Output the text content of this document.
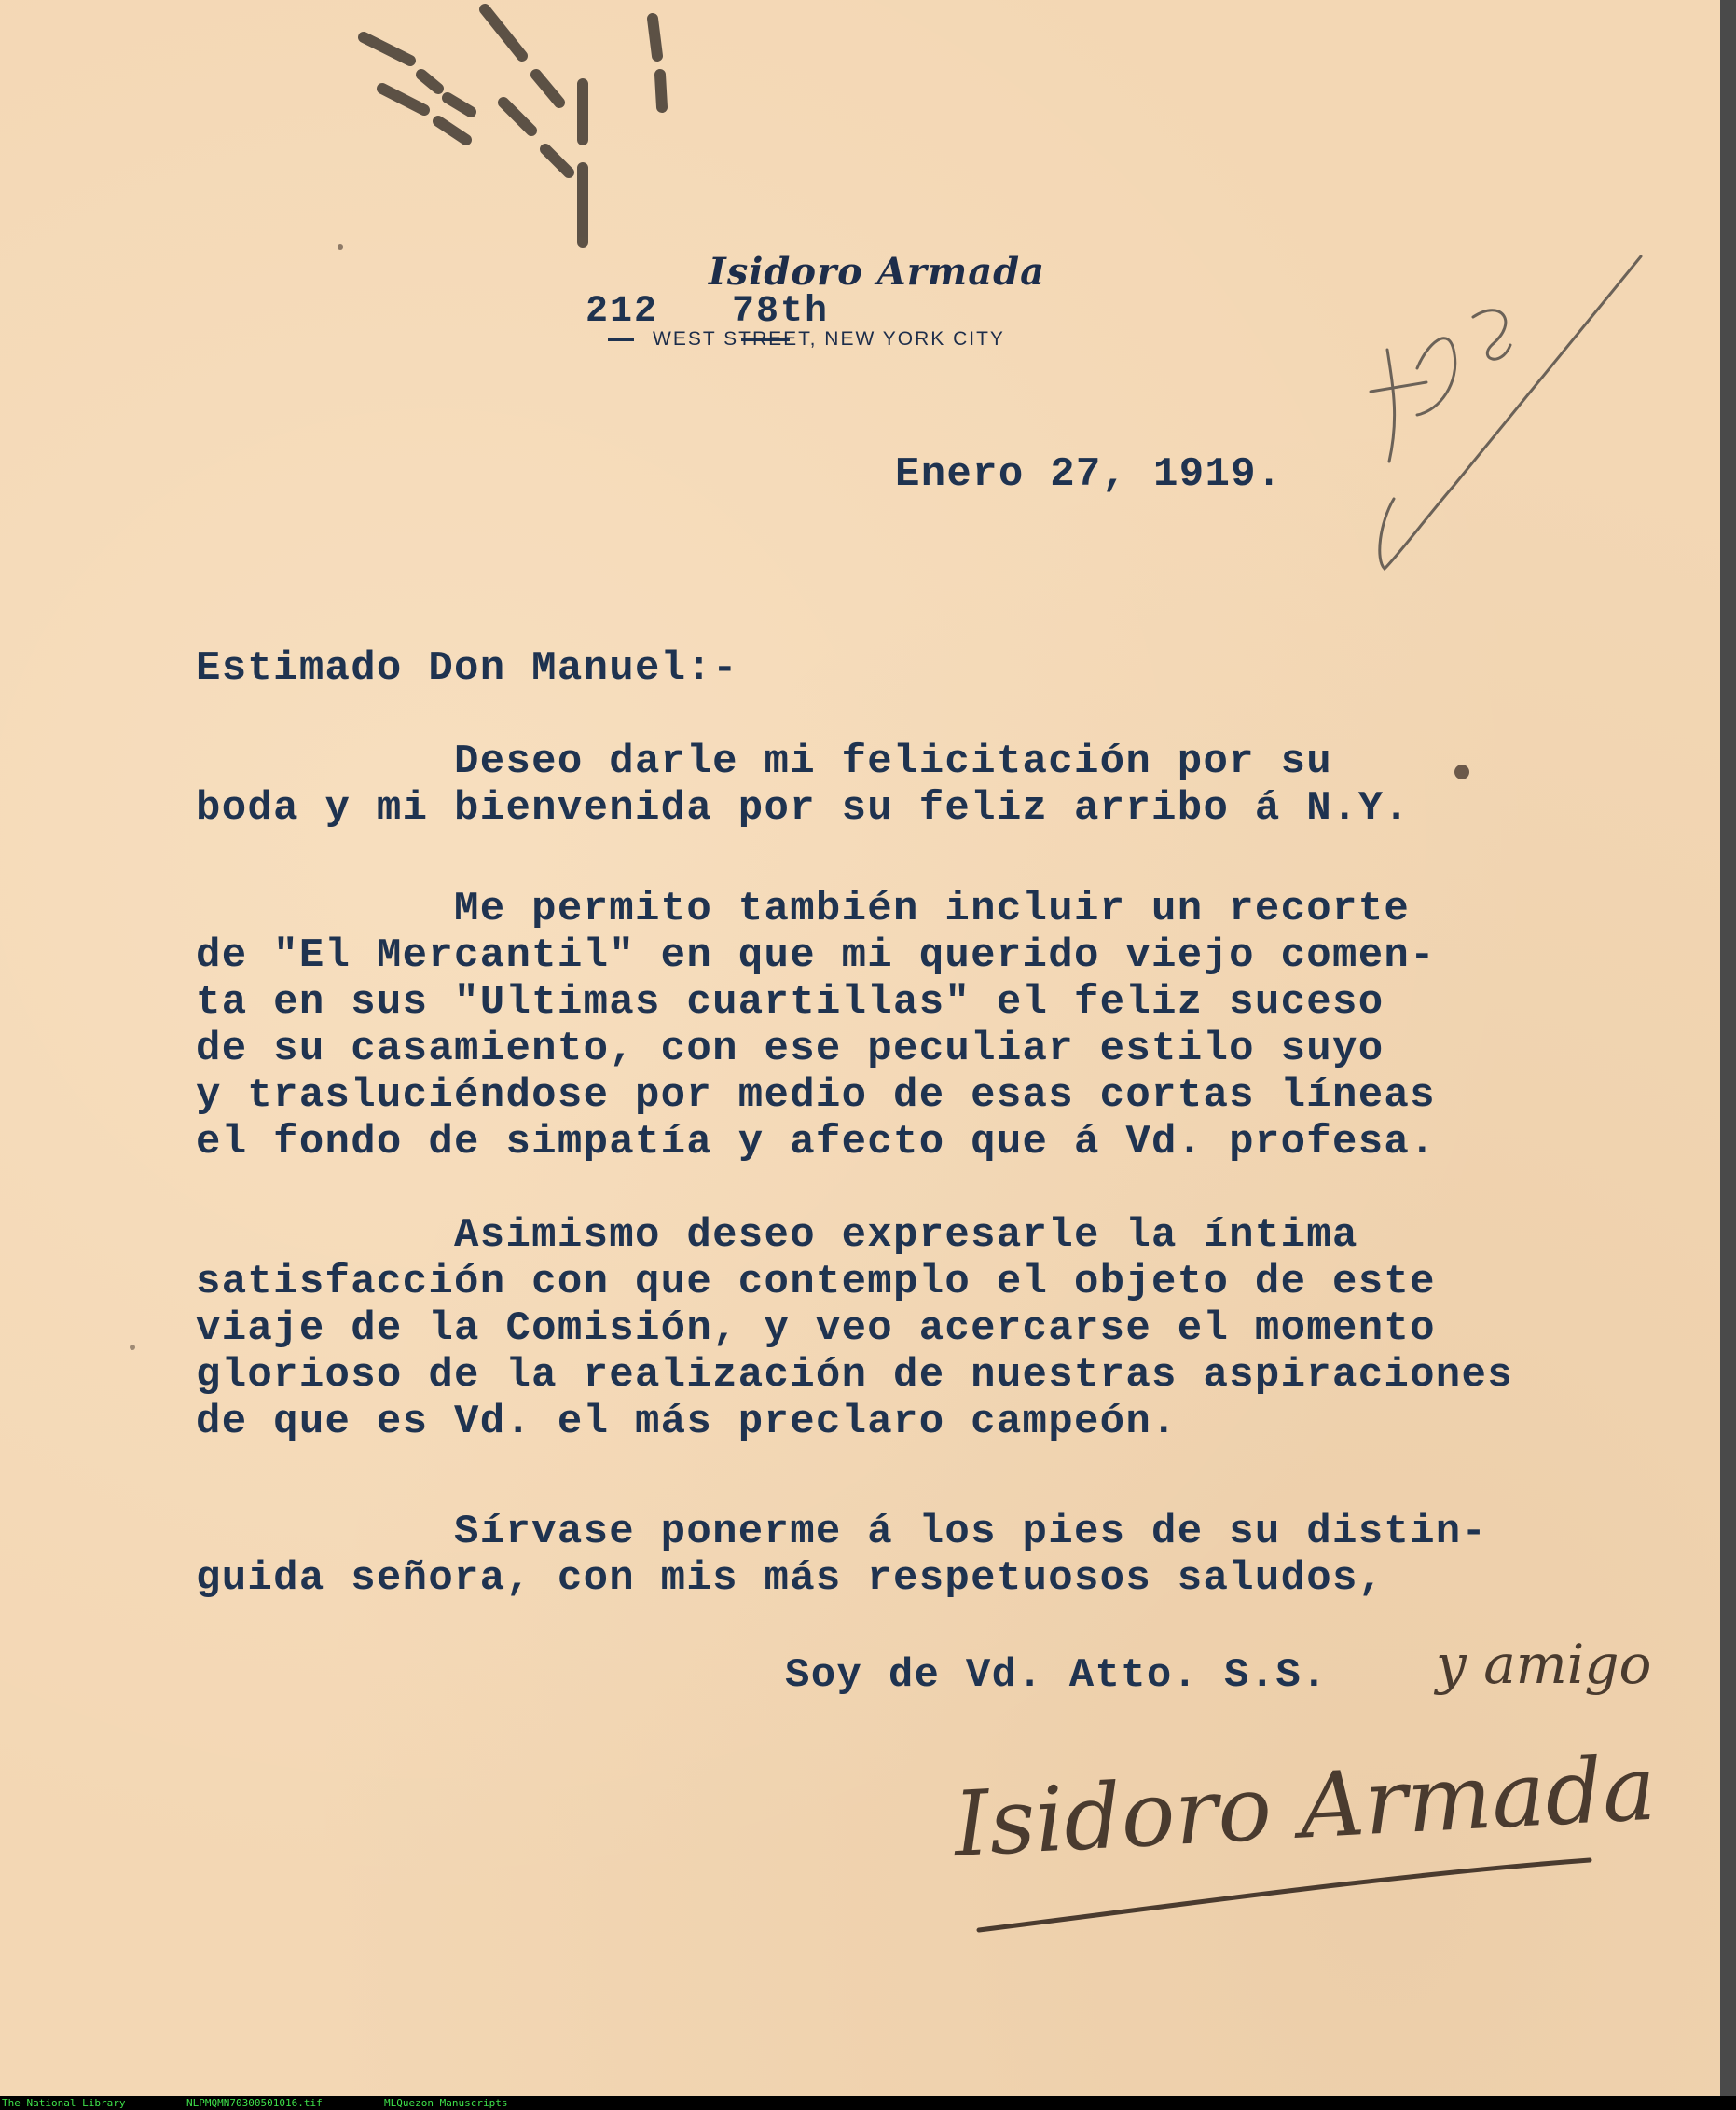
Isidoro Armada
212 78th
WEST STREET, NEW YORK CITY

Enero 27, 1919.

Estimado Don Manuel:-

Deseo darle mi felicitación por su
boda y mi bienvenida por su feliz arribo á N.Y.

Me permito también incluir un recorte
de "El Mercantil" en que mi querido viejo comen-
ta en sus "Ultimas cuartillas" el feliz suceso
de su casamiento, con ese peculiar estilo suyo
y trasluciéndose por medio de esas cortas líneas
el fondo de simpatía y afecto que á Vd. profesa.

Asimismo deseo expresarle la íntima
satisfacción con que contemplo el objeto de este
viaje de la Comisión, y veo acercarse el momento
glorioso de la realización de nuestras aspiraciones
de que es Vd. el más preclaro campeón.

Sírvase ponerme á los pies de su distin-
guida señora, con mis más respetuosos saludos,

Soy de Vd. Atto. S.S. y amigo
Isidoro Armada
The National Library	NLPMQMN70300501016.tif	MLQuezon Manuscripts
